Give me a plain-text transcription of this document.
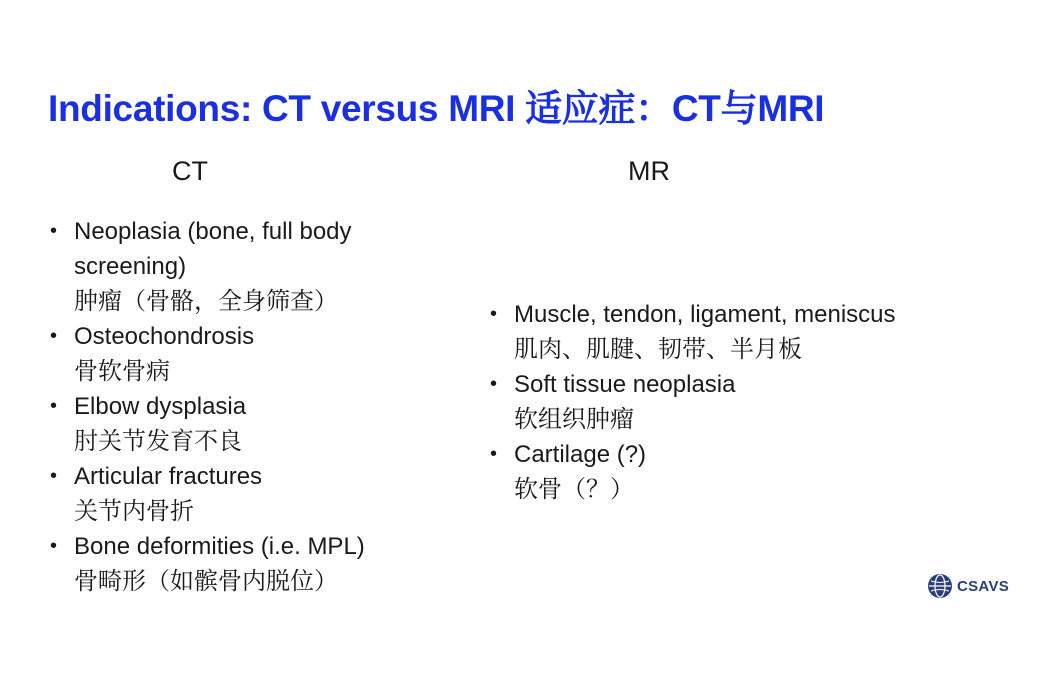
Indications: CT versus MRI 适应症：CT与MRI
CT	MR
• Neoplasia (bone, full body screening)
肿瘤（骨骼，全身筛查）
• Osteochondrosis
骨软骨病
• Elbow dysplasia
肘关节发育不良
• Articular fractures
关节内骨折
• Bone deformities (i.e. MPL)
骨畸形（如髌骨内脱位）
• Muscle, tendon, ligament, meniscus
肌肉、肌腱、韧带、半月板
• Soft tissue neoplasia
软组织肿瘤
• Cartilage (?)
软骨（？）
CSAVS
